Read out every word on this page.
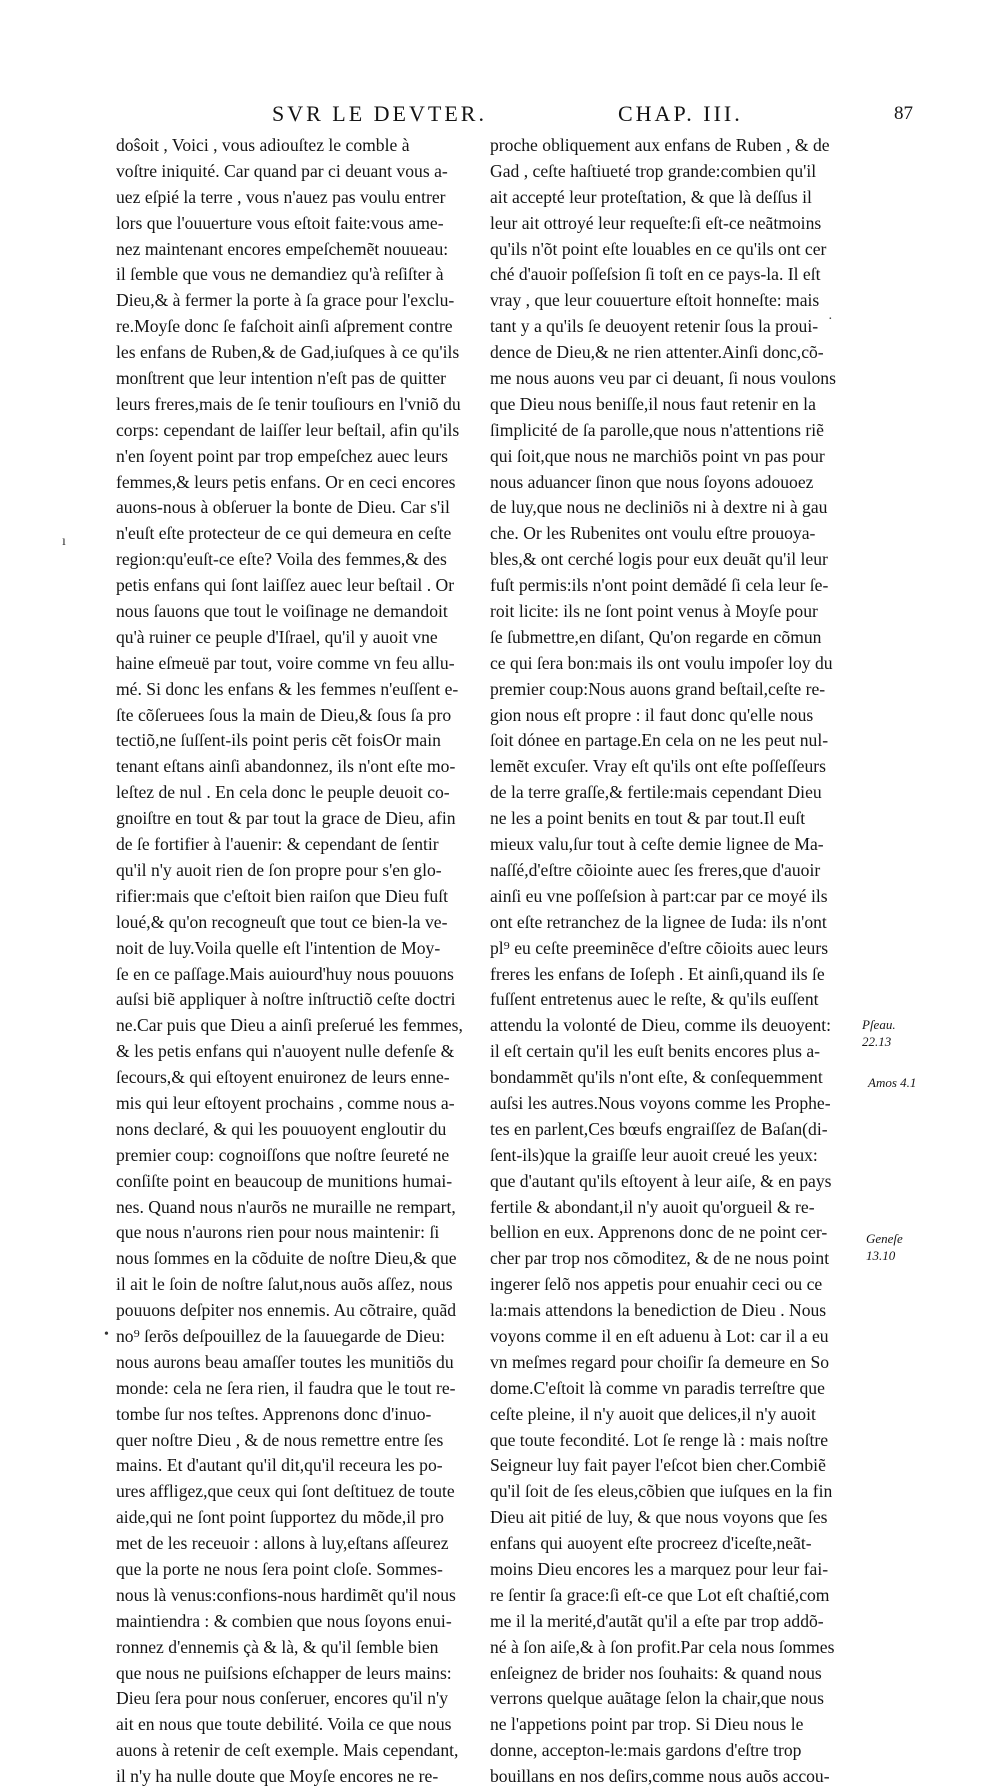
SVR LE DEVTER.	CHAP. III.	87
doŝoit , Voici , vous adiouſtez le comble à
voſtre iniquité. Car quand par ci deuant vous a-
uez eſpié la terre , vous n'auez pas voulu entrer
lors que l'ouuerture vous eſtoit faite:vous ame-
nez maintenant encores empeſchemẽt nouueau:
il ſemble que vous ne demandiez qu'à reſiſter à
Dieu,& à fermer la porte à ſa grace pour l'exclu-
re.Moyſe donc ſe faſchoit ainſi aſprement contre
les enfans de Ruben,& de Gad,iuſques à ce qu'ils
monſtrent que leur intention n'eſt pas de quitter
leurs freres,mais de ſe tenir touſiours en l'vniõ du
corps: cependant de laiſſer leur beſtail, afin qu'ils
n'en ſoyent point par trop empeſchez auec leurs
femmes,& leurs petis enfans. Or en ceci encores
auons-nous à obſeruer la bonte de Dieu. Car s'il
n'euſt eſte protecteur de ce qui demeura en ceſte
region:qu'euſt-ce eſte? Voila des femmes,& des
petis enfans qui ſont laiſſez auec leur beſtail . Or
nous ſauons que tout le voiſinage ne demandoit
qu'à ruiner ce peuple d'Iſrael, qu'il y auoit vne
haine eſmeuë par tout, voire comme vn feu allu-
mé. Si donc les enfans & les femmes n'euſſent e-
ſte cõſeruees ſous la main de Dieu,& ſous ſa pro
tectiõ,ne ſuſſent-ils point peris cẽt foisOr main
tenant eſtans ainſi abandonnez, ils n'ont eſte mo-
leſtez de nul . En cela donc le peuple deuoit co-
gnoiſtre en tout & par tout la grace de Dieu, afin
de ſe fortifier à l'auenir: & cependant de ſentir
qu'il n'y auoit rien de ſon propre pour s'en glo-
rifier:mais que c'eſtoit bien raiſon que Dieu fuſt
loué,& qu'on recogneuſt que tout ce bien-la ve-
noit de luy.Voila quelle eſt l'intention de Moy-
ſe en ce paſſage.Mais auiourd'huy nous pouuons
auſsi biẽ appliquer à noſtre inſtructiõ ceſte doctri
ne.Car puis que Dieu a ainſi preſerué les femmes,
& les petis enfans qui n'auoyent nulle defenſe &
ſecours,& qui eſtoyent enuironez de leurs enne-
mis qui leur eſtoyent prochains , comme nous a-
nons declaré, & qui les pouuoyent engloutir du
premier coup: cognoiſſons que noſtre ſeureté ne
conſiſte point en beaucoup de munitions humai-
nes. Quand nous n'aurõs ne muraille ne rempart,
que nous n'aurons rien pour nous maintenir: ſi
nous ſommes en la cõduite de noſtre Dieu,& que
il ait le ſoin de noſtre ſalut,nous auõs aſſez, nous
pouuons deſpiter nos ennemis. Au cõtraire, quãd
no⁹ ſerõs deſpouillez de la ſauuegarde de Dieu:
nous aurons beau amaſſer toutes les munitiõs du
monde: cela ne ſera rien, il faudra que le tout re-
tombe ſur nos teſtes. Apprenons donc d'inuo-
quer noſtre Dieu , & de nous remettre entre ſes
mains. Et d'autant qu'il dit,qu'il receura les po-
ures affligez,que ceux qui ſont deſtituez de toute
aide,qui ne ſont point ſupportez du mõde,il pro
met de les receuoir : allons à luy,eſtans aſſeurez
que la porte ne nous ſera point cloſe. Sommes-
nous là venus:confions-nous hardimẽt qu'il nous
maintiendra : & combien que nous ſoyons enui-
ronnez d'ennemis çà & là, & qu'il ſemble bien
que nous ne puiſsions eſchapper de leurs mains:
Dieu ſera pour nous conſeruer, encores qu'il n'y
ait en nous que toute debilité. Voila ce que nous
auons à retenir de ceſt exemple. Mais cependant,
il n'y ha nulle doute que Moyſe encores ne re-
proche obliquement aux enfans de Ruben , & de
Gad , ceſte haſtiueté trop grande:combien qu'il
ait accepté leur proteſtation, & que là deſſus il
leur ait ottroyé leur requeſte:ſi eſt-ce neãtmoins
qu'ils n'õt point eſte louables en ce qu'ils ont cer
ché d'auoir poſſeſsion ſi toſt en ce pays-la. Il eſt
vray , que leur couuerture eſtoit honneſte: mais
tant y a qu'ils ſe deuoyent retenir ſous la proui-
dence de Dieu,& ne rien attenter.Ainſi donc,cõ-
me nous auons veu par ci deuant, ſi nous voulons
que Dieu nous beniſſe,il nous faut retenir en la
ſimplicité de ſa parolle,que nous n'attentions riẽ
qui ſoit,que nous ne marchiõs point vn pas pour
nous aduancer ſinon que nous ſoyons adouoez
de luy,que nous ne decliniõs ni à dextre ni à gau
che. Or les Rubenites ont voulu eſtre prouoya-
bles,& ont cerché logis pour eux deuãt qu'il leur
fuſt permis:ils n'ont point demãdé ſi cela leur ſe-
roit licite: ils ne ſont point venus à Moyſe pour
ſe ſubmettre,en diſant, Qu'on regarde en cõmun
ce qui ſera bon:mais ils ont voulu impoſer loy du
premier coup:Nous auons grand beſtail,ceſte re-
gion nous eſt propre : il faut donc qu'elle nous
ſoit dónee en partage.En cela on ne les peut nul-
lemẽt excuſer. Vray eſt qu'ils ont eſte poſſeſſeurs
de la terre graſſe,& fertile:mais cependant Dieu
ne les a point benits en tout & par tout.Il euſt
mieux valu,ſur tout à ceſte demie lignee de Ma-
naſſé,d'eſtre cõiointe auec ſes freres,que d'auoir
ainſi eu vne poſſeſsion à part:car par ce moyé ils
ont eſte retranchez de la lignee de Iuda: ils n'ont
pl⁹ eu ceſte preeminẽce d'eſtre cõioits auec leurs
freres les enfans de Ioſeph . Et ainſi,quand ils ſe
fuſſent entretenus auec le reſte, & qu'ils euſſent
attendu la volonté de Dieu, comme ils deuoyent:
il eſt certain qu'il les euſt benits encores plus a-
bondammẽt qu'ils n'ont eſte, & conſequemment
auſsi les autres.Nous voyons comme les Prophe-
tes en parlent,Ces bœufs engraiſſez de Baſan(di-
ſent-ils)que la graiſſe leur auoit creué les yeux:
que d'autant qu'ils eſtoyent à leur aiſe, & en pays
fertile & abondant,il n'y auoit qu'orgueil & re-
bellion en eux. Apprenons donc de ne point cer-
cher par trop nos cõmoditez, & de ne nous point
ingerer ſelõ nos appetis pour enuahir ceci ou ce
la:mais attendons la benediction de Dieu . Nous
voyons comme il en eſt aduenu à Lot: car il a eu
vn meſmes regard pour choiſir ſa demeure en So
dome.C'eſtoit là comme vn paradis terreſtre que
ceſte pleine, il n'y auoit que delices,il n'y auoit
que toute fecondité. Lot ſe renge là : mais noſtre
Seigneur luy fait payer l'eſcot bien cher.Combiẽ
qu'il ſoit de ſes eleus,cõbien que iuſques en la fin
Dieu ait pitié de luy, & que nous voyons que ſes
enfans qui auoyent eſte procreez d'iceſte,neãt-
moins Dieu encores les a marquez pour leur fai-
re ſentir ſa grace:ſi eſt-ce que Lot eſt chaſtié,com
me il la merité,d'autãt qu'il a eſte par trop addõ-
né à ſon aiſe,& à ſon profit.Par cela nous ſommes
enſeignez de brider nos ſouhaits: & quand nous
verrons quelque auãtage ſelon la chair,que nous
ne l'appetions point par trop. Si Dieu nous le
donne, accepton-le:mais gardons d'eſtre trop
bouillans en nos deſirs,comme nous auõs accou-
Pſeau. 22.13
Amos 4.1
Geneſe 13.10
ı
•
·
